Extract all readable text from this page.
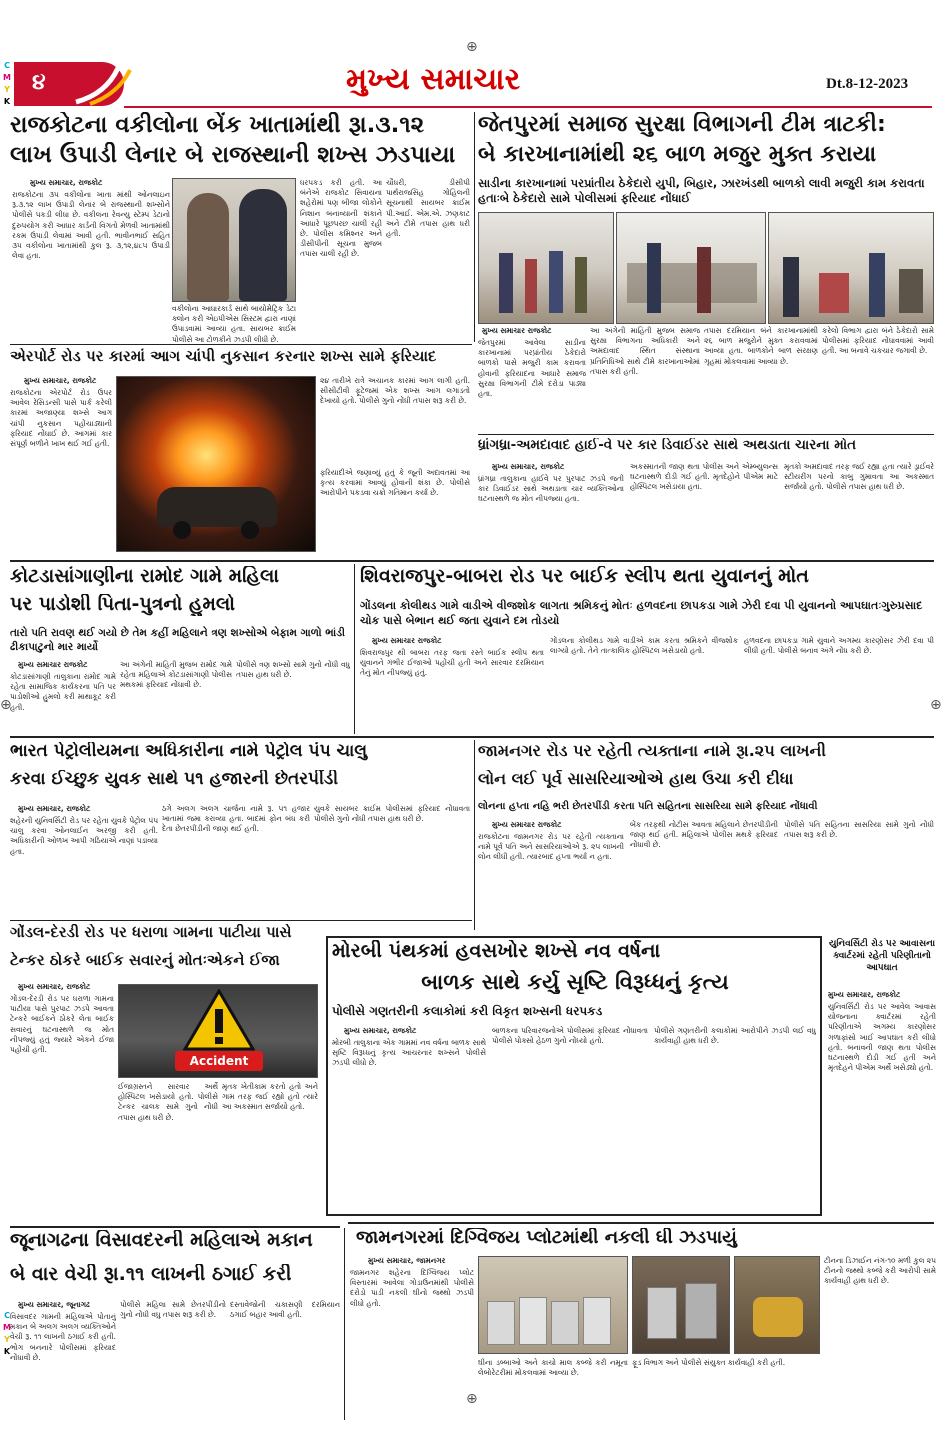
C
M
Y
K
C
M
Y
K
⊕
⊕
⊕	⊕
૪	મુખ્ય સમાચાર	Dt.8-12-2023
રાજકોટના વકીલોના બેંક ખાતામાંથી રૂા.૩.૧૨
લાખ ઉપાડી લેનાર બે રાજસ્થાની શખ્સ ઝડપાયા
મુખ્ય સમાચાર, રાજકોટ
રાજકોટના ૩૫ વકીલોના ખાતા માંથી ઓનલાઇન રૂ.૩.૧૨ લાખ ઉપાડી લેનાર બે રાજસ્થાની શખ્સોને પોલીસે પકડી લીધા છે. વકીલના રેવન્યુ સ્ટેમ્પ ડેટાનો દુરુપયોગ કરી આધાર કાર્ડની વિગતો મેળવી ખાતામાંથી રકમ ઉપાડી લેવામાં આવી હતી. ભાવીનભાઈ સહિત ૩૫ વકીલોના ખાતામાંથી કુલ રૂ. ૩,૧૨,૪૮૫ ઉપાડી લેવા હતા.
વકીલોના આધારકાર્ડ સાથે બાયોમેટ્રિક ડેટા ક્લોન કરી એઇપીએસ સિસ્ટમ દ્વારા નાણાં ઉપાડવામાં આવ્યા હતા. સાયબર ક્રાઈમ પોલીસે આ ટોળકીને ઝડપી લીધી છે.
ધરપકડ કરી હતી. આ બંનેએ રાજકોટ સિવાયના શહેરોમાં પણ બીજા લોકોને નિશાન બનાવ્યાની શંકાને આધારે પૂછપરછ ચાલી રહી છે. પોલીસ કમિશ્નર અને ડીસીપીની સૂચના મુજબ તપાસ ચાલી રહી છે.
ચૌધરી, ડીસીપી પાર્થરાજસિંહ ગોહિલની સૂચનાથી સાયબર ક્રાઈમ પી.આઈ. એમ.એ. ઝણકાટ અને ટીમે તપાસ હાથ ધરી હતી.
જેતપુરમાં સમાજ સુરક્ષા વિભાગની ટીમ ત્રાટકી:
બે કારખાનામાંથી ૨૬ બાળ મજુર મુક્ત કરાયા
સાડીના કારખાનામાં પરપ્રાંતીય ઠેકેદારો યુપી, બિહાર, ઝારખંડથી બાળકો લાવી મજુરી કામ કરાવતા હતાઃબે ઠેકેદારો સામે પોલીસમાં ફરિયાદ નોંધાઈ
મુખ્ય સમાચાર રાજકોટ
જેતપુરમાં આવેલા સાડીના કારખાનામાં પરપ્રાંતીય ઠેકેદારો બાળકો પાસે મજુરી કામ કરાવતા હોવાની ફરિયાદના આધારે સમાજ સુરક્ષા વિભાગની ટીમે દરોડા પાડ્યા હતા.
આ અંગેની માહિતી મુજબ સમાજ સુરક્ષા વિભાગના અધિકારી અને અમદાવાદ સ્થિત સંસ્થાના પ્રતિનિધિઓ સાથે ટીમે કારખાનાઓમાં તપાસ કરી હતી.
તપાસ દરમિયાન બંને કારખાનામાંથી ૨૬ બાળ મજુરોને મુક્ત કરાવવામાં આવ્યા હતા. બાળકોને બાળ સંરક્ષણ ગૃહમાં મોકલવામાં આવ્યા છે.
કરેલો વિભાગ દ્વારા બંને ઠેકેદારો સામે પોલીસમાં ફરિયાદ નોંધાવવામાં આવી હતી. આ બનાવે ચકચાર જગાવી છે.
એરપોર્ટ રોડ પર કારમાં આગ ચાંપી નુકસાન કરનાર શખ્સ સામે ફરિયાદ
મુખ્ય સમાચાર, રાજકોટ
રાજકોટના એરપોર્ટ રોડ ઉપર આવેલ રેસિડન્સી પાસે પાર્ક કરેલી કારમાં અજાણ્યા શખ્સે આગ ચાંપી નુકસાન પહોંચાડ્યાની ફરિયાદ નોંધાઈ છે. આગમાં કાર સંપૂર્ણ બળીને ખાખ થઈ ગઈ હતી.
૨૪ તારીખે રાત્રે અચાનક કારમાં આગ લાગી હતી. સીસીટીવી ફૂટેજમાં એક શખ્સ આગ લગાડતો દેખાયો હતો. પોલીસે ગુનો નોંધી તપાસ શરૂ કરી છે.
ફરિયાદીએ જણાવ્યું હતું કે જૂની અદાવતમાં આ કૃત્ય કરવામાં આવ્યું હોવાની શંકા છે. પોલીસે આરોપીને પકડવા ચક્રો ગતિમાન કર્યા છે.
ધ્રાંગધ્રા-અમદાવાદ હાઈ-વે પર કાર ડિવાઈડર સાથે અથડાતા ચારના મોત
મુખ્ય સમાચાર, રાજકોટ
ધ્રાંગધ્રા તાલુકાના હાઈવે પર પુરપાટ ઝડપે જતી કાર ડિવાઈડર સાથે અથડાતા ચાર વ્યક્તિઓના ઘટનાસ્થળે જ મોત નીપજ્યા હતા.
અકસ્માતની જાણ થતા પોલીસ અને એમ્બ્યુલન્સ ઘટનાસ્થળે દોડી ગઈ હતી. મૃતદેહોને પીએમ માટે હોસ્પિટલ ખસેડાયા હતા.
મૃતકો અમદાવાદ તરફ જઈ રહ્યા હતા ત્યારે ડ્રાઈવરે સ્ટીયરીંગ પરનો કાબુ ગુમાવતા આ અકસ્માત સર્જાયો હતો. પોલીસે તપાસ હાથ ધરી છે.
કોટડાસાંગાણીના રામોદ ગામે મહિલા
પર પાડોશી પિતા-પુત્રનો હુમલો
તારો પતિ રાવણ થઈ ગયો છે તેમ કહીં મહિલાને ત્રણ શખ્સોએ બેફામ ગાળો ભાંડી ઢીકાપાટુનો માર માર્યો
મુખ્ય સમાચાર રાજકોટ
કોટડાસાંગાણી તાલુકાના રામોદ ગામે રહેતા સામાજિક કાર્યકરના પતિ પર પાડોશીઓ હુમલો કરી માથાકૂટ કરી હતી.
આ અંગેની માહિતી મુજબ રામોદ ગામે રહેતા મહિલાએ કોટડાસાંગાણી પોલીસ મથકમાં ફરિયાદ નોંધાવી છે.
પોલીસે ત્રણ શખ્સો સામે ગુનો નોંધી વધુ તપાસ હાથ ધરી છે.
શિવરાજપુર-બાબરા રોડ પર બાઈક સ્લીપ થતા યુવાનનું મોત
ગોંડલના કોલીથડ ગામે વાડીએ વીજશોક લાગતા શ્રમિકનું મોતઃ હળવદના છાપકડા ગામે ઝેરી દવા પી યુવાનનો આપઘાતઃગુરુપ્રસાદ ચોક પાસે બેભાન થઈ જતા યુવાને દમ તોડયો
મુખ્ય સમાચાર રાજકોટ
શિવરાજપુર થી બાબરા તરફ જતા રસ્તે બાઈક સ્લીપ થતા યુવાનને ગંભીર ઈજાઓ પહોંચી હતી અને સારવાર દરમિયાન તેનું મોત નીપજ્યું હતું.
ગોંડલના કોલીથડ ગામે વાડીએ કામ કરતા શ્રમિકને વીજશોક લાગ્યો હતો. તેને તાત્કાલિક હોસ્પિટલ ખસેડાયો હતો.
હળવદના છાપકડા ગામે યુવાને અગમ્ય કારણોસર ઝેરી દવા પી લીધી હતી. પોલીસે બનાવ અંગે નોંધ કરી છે.
ભારત પેટ્રોલીયમના અધિકારીના નામે પેટ્રોલ પંપ ચાલુ
કરવા ઈચ્છુક યુવક સાથે ૫૧ હજારની છેતરપીંડી
મુખ્ય સમાચાર, રાજકોટ
શહેરની યુનિવર્સિટી રોડ પર રહેતા યુવકે પેટ્રોલ પંપ ચાલુ કરવા ઓનલાઈન અરજી કરી હતી. અધિકારીની ઓળખ આપી ગઠિયાએ નાણાં પડાવ્યા હતા.
ઠગે અલગ અલગ ચાર્જના નામે રૂ. ૫૧ હજાર ખાતામાં જમા કરાવ્યા હતા. બાદમાં ફોન બંધ કરી દેતા છેતરપીંડીની જાણ થઈ હતી.
યુવકે સાયબર ક્રાઈમ પોલીસમાં ફરિયાદ નોંધાવતા પોલીસે ગુનો નોંધી તપાસ હાથ ધરી છે.
જામનગર રોડ પર રહેતી ત્યક્તાના નામે રૂા.૨૫ લાખની
લોન લઈ પૂર્વ સાસરિયાઓએ હાથ ઉંચા કરી દીધા
લોનના હપ્તા નહિ ભરી છેતરપીંડી કરતા પતિ સહિતના સાસરિયા સામે ફરિયાદ નોંધાવી
મુખ્ય સમાચાર રાજકોટ
રાજકોટના જામનગર રોડ પર રહેતી ત્યક્તાના નામે પૂર્વ પતિ અને સાસરિયાઓએ રૂ. ૨૫ લાખની લોન લીધી હતી. ત્યારબાદ હપ્તા ભર્યા ન હતા.
બેંક તરફથી નોટીસ આવતા મહિલાને છેતરપીંડીની જાણ થઈ હતી. મહિલાએ પોલીસ મથકે ફરિયાદ નોંધાવી છે.
પોલીસે પતિ સહિતના સાસરિયા સામે ગુનો નોંધી તપાસ શરૂ કરી છે.
ગોંડલ-દેરડી રોડ પર ધરાળા ગામના પાટીયા પાસે
ટેન્કર ઠોકરે બાઈક સવારનું મોતઃએકને ઈજા
મુખ્ય સમાચાર, રાજકોટ
ગોંડલ-દેરડી રોડ પર ધરાળા ગામના પાટીયા પાસે પુરપાટ ઝડપે આવતા ટેન્કરે બાઈકને ઠોકરે લેતા બાઈક સવારનું ઘટનાસ્થળે જ મોત નીપજ્યું હતું જ્યારે એકને ઈજા પહોંચી હતી.
Accident
ઈજાગ્રસ્તને સારવાર અર્થે હોસ્પિટલ ખસેડાયો હતો. પોલીસે ટેન્કર ચાલક સામે ગુનો નોંધી તપાસ હાથ ધરી છે.
મૃતક ખેતીકામ કરતો હતો અને ગામ તરફ જઈ રહ્યો હતો ત્યારે આ અકસ્માત સર્જાયો હતો.
મોરબી પંથકમાં હવસખોર શખ્સે નવ વર્ષના
બાળક સાથે કર્યુ સૃષ્ટિ વિરૂધ્ધનું કૃત્ય
પોલીસે ગણતરીની કલાકોમાં કરી વિકૃત શખ્સની ધરપકડ
મુખ્ય સમાચાર, રાજકોટ
મોરબી તાલુકાના એક ગામમાં નવ વર્ષના બાળક સાથે સૃષ્ટિ વિરૂધ્ધનું કૃત્ય આચરનાર શખ્સને પોલીસે ઝડપી લીધો છે.
બાળકના પરિવારજનોએ પોલીસમાં ફરિયાદ નોંધાવતા પોલીસે પોક્સો હેઠળ ગુનો નોંધ્યો હતો.
પોલીસે ગણતરીની કલાકોમાં આરોપીને ઝડપી લઈ વધુ કાર્યવાહી હાથ ધરી છે.
યુનિવર્સિટી રોડ પર આવાસના ક્વાર્ટરમાં રહેતી પરિણીતાનો આપઘાત
મુખ્ય સમાચાર, રાજકોટ
યુનિવર્સિટી રોડ પર આવેલ આવાસ યોજનાના ક્વાર્ટરમાં રહેતી પરિણીતાએ અગમ્ય કારણોસર ગળાફાંસો ખાઈ આપઘાત કરી લીધો હતો. બનાવની જાણ થતા પોલીસ ઘટનાસ્થળે દોડી ગઈ હતી અને મૃતદેહને પીએમ અર્થે ખસેડ્યો હતો.
જૂનાગઢના વિસાવદરની મહિલાએ મકાન
બે વાર વેચી રૂા.૧૧ લાખની ઠગાઈ કરી
મુખ્ય સમાચાર, જૂનાગઢ
વિસાવદર ગામની મહિલાએ પોતાનું મકાન બે અલગ અલગ વ્યક્તિઓને વેચી રૂ. ૧૧ લાખની ઠગાઈ કરી હતી. ભોગ બનનારે પોલીસમાં ફરિયાદ નોંધાવી છે.
પોલીસે મહિલા સામે છેતરપીંડીનો ગુનો નોંધી વધુ તપાસ શરૂ કરી છે.
દસ્તાવેજોની ચકાસણી દરમિયાન ઠગાઈ બહાર આવી હતી.
જામનગરમાં દિગ્વિજય પ્લોટમાંથી નકલી ઘી ઝડપાયું
મુખ્ય સમાચાર, જામનગર
જામનગર શહેરના દિગ્વિજય પ્લોટ વિસ્તારમાં આવેલા ગોડાઉનમાંથી પોલીસે દરોડો પાડી નકલી ઘીનો જથ્થો ઝડપી લીધો હતો.
ઘીના ડબ્બાઓ અને કાચો માલ કબ્જે કરી નમૂના લેબોરેટરીમાં મોકલવામાં આવ્યા છે.
ફૂડ વિભાગ અને પોલીસે સંયુક્ત કાર્યવાહી કરી હતી.
ટીનના ડિઝાઈન નંગ-૧૦ મળી કુલ ૨૫ ટીનનો જથ્થો કબ્જે કરી આરોપી સામે કાર્યવાહી હાથ ધરી છે.
